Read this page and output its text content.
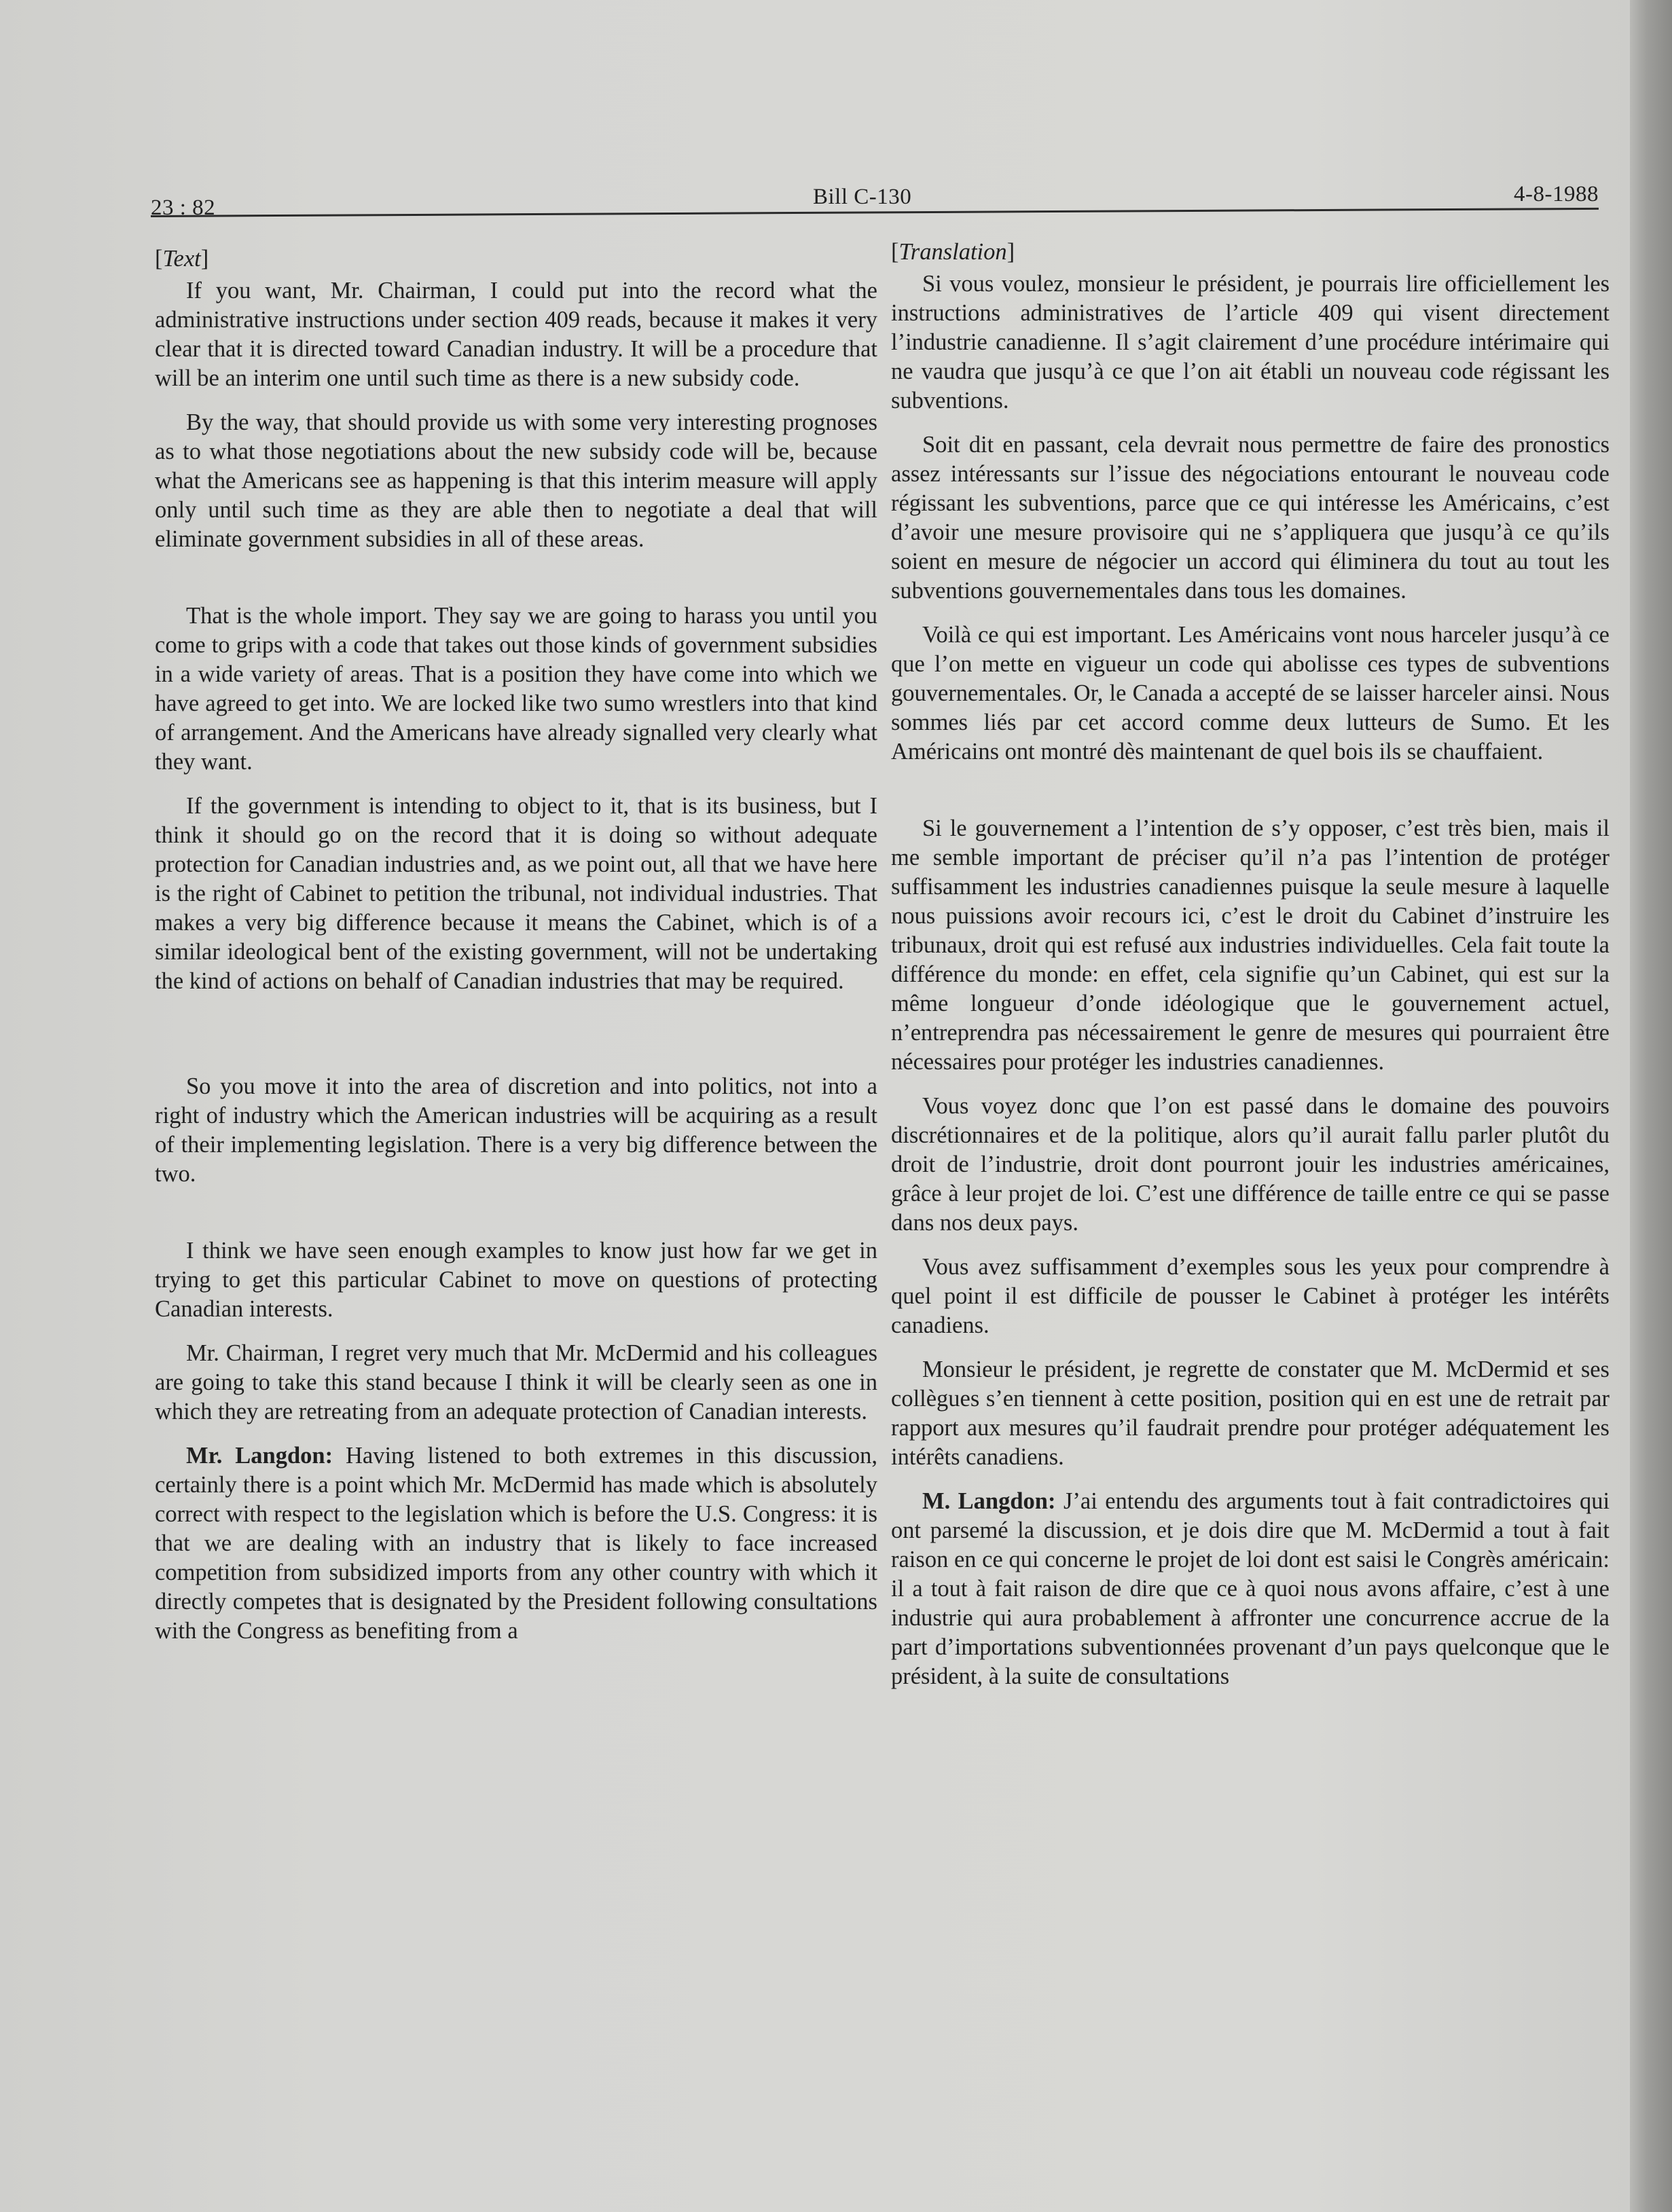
23 : 82	Bill C-130	4-8-1988
[Text]

If you want, Mr. Chairman, I could put into the record what the administrative instructions under section 409 reads, because it makes it very clear that it is directed toward Canadian industry. It will be a procedure that will be an interim one until such time as there is a new subsidy code.

By the way, that should provide us with some very interesting prognoses as to what those negotiations about the new subsidy code will be, because what the Americans see as happening is that this interim measure will apply only until such time as they are able then to negotiate a deal that will eliminate government subsidies in all of these areas.

That is the whole import. They say we are going to harass you until you come to grips with a code that takes out those kinds of government subsidies in a wide variety of areas. That is a position they have come into which we have agreed to get into. We are locked like two sumo wrestlers into that kind of arrangement. And the Americans have already signalled very clearly what they want.

If the government is intending to object to it, that is its business, but I think it should go on the record that it is doing so without adequate protection for Canadian industries and, as we point out, all that we have here is the right of Cabinet to petition the tribunal, not individual industries. That makes a very big difference because it means the Cabinet, which is of a similar ideological bent of the existing government, will not be undertaking the kind of actions on behalf of Canadian industries that may be required.

So you move it into the area of discretion and into politics, not into a right of industry which the American industries will be acquiring as a result of their implementing legislation. There is a very big difference between the two.

I think we have seen enough examples to know just how far we get in trying to get this particular Cabinet to move on questions of protecting Canadian interests.

Mr. Chairman, I regret very much that Mr. McDermid and his colleagues are going to take this stand because I think it will be clearly seen as one in which they are retreating from an adequate protection of Canadian interests.

Mr. Langdon: Having listened to both extremes in this discussion, certainly there is a point which Mr. McDermid has made which is absolutely correct with respect to the legislation which is before the U.S. Congress: it is that we are dealing with an industry that is likely to face increased competition from subsidized imports from any other country with which it directly competes that is designated by the President following consultations with the Congress as benefiting from a

[Translation]

Si vous voulez, monsieur le président, je pourrais lire officiellement les instructions administratives de l’article 409 qui visent directement l’industrie canadienne. Il s’agit clairement d’une procédure intérimaire qui ne vaudra que jusqu’à ce que l’on ait établi un nouveau code régissant les subventions.

Soit dit en passant, cela devrait nous permettre de faire des pronostics assez intéressants sur l’issue des négociations entourant le nouveau code régissant les subventions, parce que ce qui intéresse les Américains, c’est d’avoir une mesure provisoire qui ne s’appliquera que jusqu’à ce qu’ils soient en mesure de négocier un accord qui éliminera du tout au tout les subventions gouvernementales dans tous les domaines.

Voilà ce qui est important. Les Américains vont nous harceler jusqu’à ce que l’on mette en vigueur un code qui abolisse ces types de subventions gouvernementales. Or, le Canada a accepté de se laisser harceler ainsi. Nous sommes liés par cet accord comme deux lutteurs de Sumo. Et les Américains ont montré dès maintenant de quel bois ils se chauffaient.

Si le gouvernement a l’intention de s’y opposer, c’est très bien, mais il me semble important de préciser qu’il n’a pas l’intention de protéger suffisamment les industries canadiennes puisque la seule mesure à laquelle nous puissions avoir recours ici, c’est le droit du Cabinet d’instruire les tribunaux, droit qui est refusé aux industries individuelles. Cela fait toute la différence du monde: en effet, cela signifie qu’un Cabinet, qui est sur la même longueur d’onde idéologique que le gouvernement actuel, n’entreprendra pas nécessairement le genre de mesures qui pourraient être nécessaires pour protéger les industries canadiennes.

Vous voyez donc que l’on est passé dans le domaine des pouvoirs discrétionnaires et de la politique, alors qu’il aurait fallu parler plutôt du droit de l’industrie, droit dont pourront jouir les industries américaines, grâce à leur projet de loi. C’est une différence de taille entre ce qui se passe dans nos deux pays.

Vous avez suffisamment d’exemples sous les yeux pour comprendre à quel point il est difficile de pousser le Cabinet à protéger les intérêts canadiens.

Monsieur le président, je regrette de constater que M. McDermid et ses collègues s’en tiennent à cette position, position qui en est une de retrait par rapport aux mesures qu’il faudrait prendre pour protéger adéquatement les intérêts canadiens.

M. Langdon: J’ai entendu des arguments tout à fait contradictoires qui ont parsemé la discussion, et je dois dire que M. McDermid a tout à fait raison en ce qui concerne le projet de loi dont est saisi le Congrès américain: il a tout à fait raison de dire que ce à quoi nous avons affaire, c’est à une industrie qui aura probablement à affronter une concurrence accrue de la part d’importations subventionnées provenant d’un pays quelconque que le président, à la suite de consultations
